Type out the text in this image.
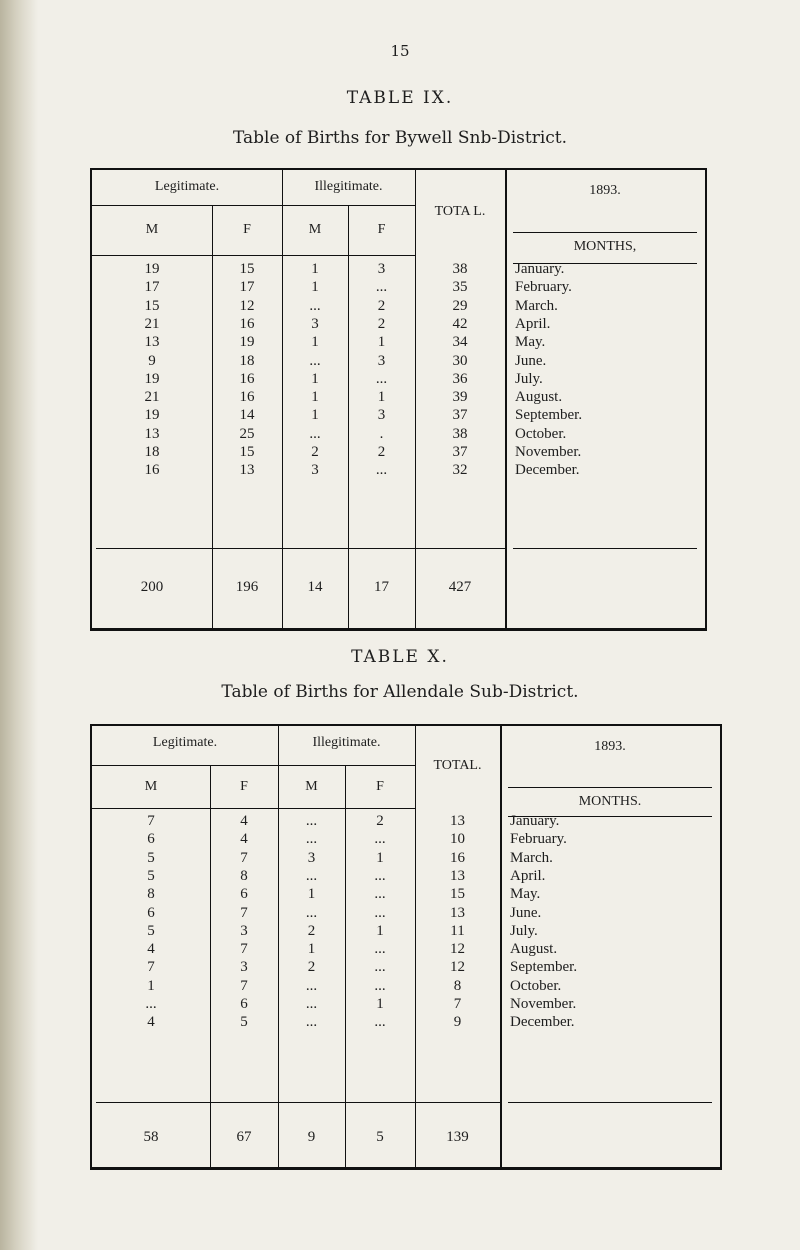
15
TABLE IX.
Table of Births for Bywell Snb-District.
Legitimate.	Illegitimate.
M	F	M	F
TOTA L.
1893.
MONTHS,
19	15	1	3	38	January.
17	17	1	...	35	February.
15	12	...	2	29	March.
21	16	3	2	42	April.
13	19	1	1	34	May.
9	18	...	3	30	June.
19	16	1	...	36	July.
21	16	1	1	39	August.
19	14	1	3	37	September.
13	25	...	.	38	October.
18	15	2	2	37	November.
16	13	3	...	32	December.
200	196	14	17	427
TABLE X.
Table of Births for Allendale Sub-District.
Legitimate.	Illegitimate.
M	F	M	F
TOTAL.
1893.
MONTHS.
7	4	...	2	13	January.
6	4	...	...	10	February.
5	7	3	1	16	March.
5	8	...	...	13	April.
8	6	1	...	15	May.
6	7	...	...	13	June.
5	3	2	1	11	July.
4	7	1	...	12	August.
7	3	2	...	12	September.
1	7	...	...	8	October.
...	6	...	1	7	November.
4	5	...	...	9	December.
58	67	9	5	139
